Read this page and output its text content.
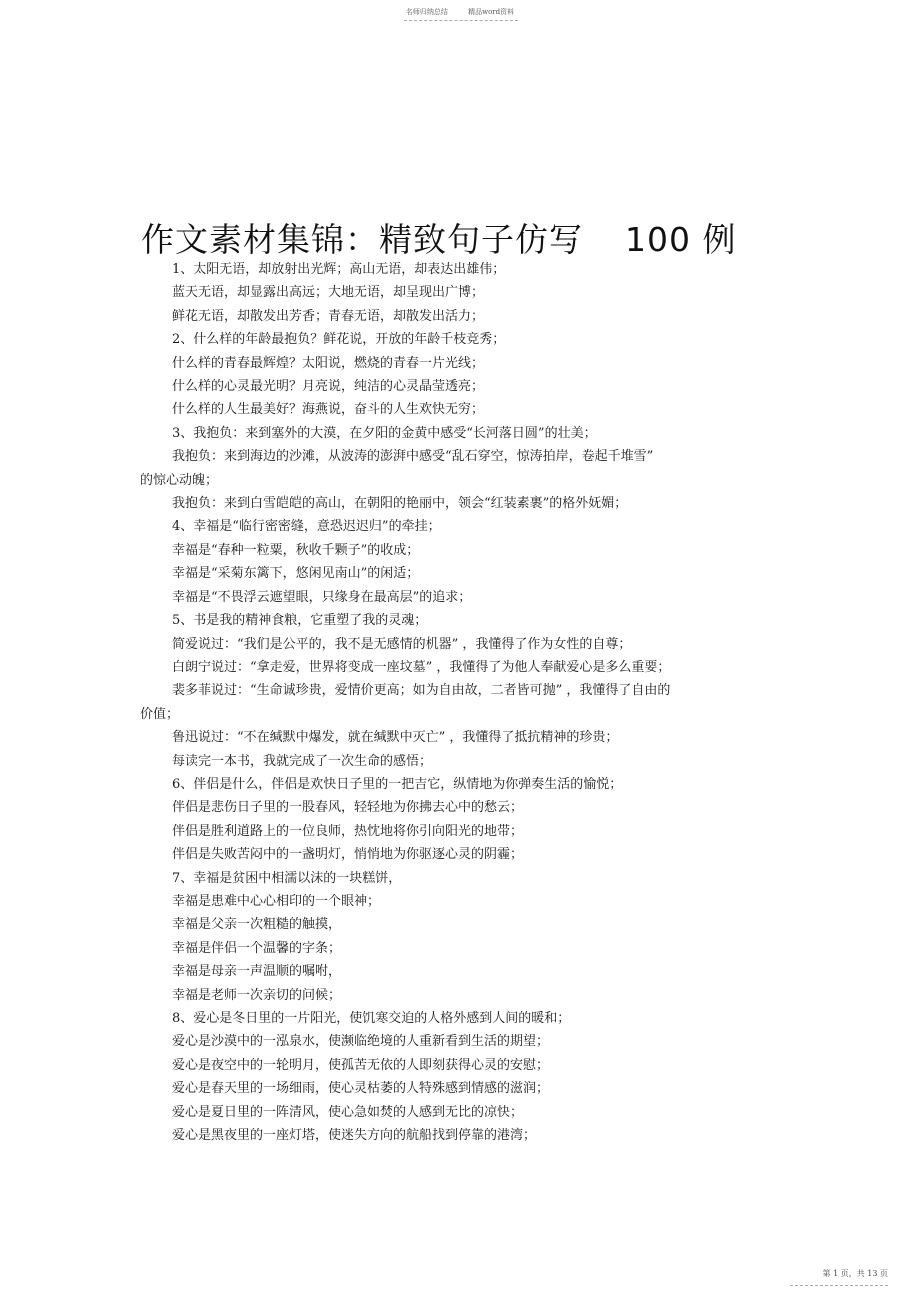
名师归纳总结	精品word资料
作文素材集锦：精致句子仿写 100 例

1、太阳无语，却放射出光辉；高山无语，却表达出雄伟；

蓝天无语，却显露出高远；大地无语，却呈现出广博；

鲜花无语，却散发出芳香；青春无语，却散发出活力；

2、什么样的年龄最抱负？鲜花说，开放的年龄千枝竞秀；

什么样的青春最辉煌？太阳说，燃烧的青春一片光线；

什么样的心灵最光明？月亮说，纯洁的心灵晶莹透亮；

什么样的人生最美好？海燕说，奋斗的人生欢快无穷；

3、我抱负：来到塞外的大漠，在夕阳的金黄中感受“长河落日圆”的壮美；

我抱负：来到海边的沙滩，从波涛的澎湃中感受“乱石穿空，惊涛拍岸，卷起千堆雪”

的惊心动魄；

我抱负：来到白雪皑皑的高山，在朝阳的艳丽中，领会“红装素裹”的格外妩媚；

4、幸福是“临行密密缝，意恐迟迟归”的牵挂；

幸福是“春种一粒粟，秋收千颗子”的收成；

幸福是“采菊东篱下，悠闲见南山”的闲适；

幸福是“不畏浮云遮望眼，只缘身在最高层”的追求；

5、书是我的精神食粮，它重塑了我的灵魂；

简爱说过：“我们是公平的，我不是无感情的机器” ，我懂得了作为女性的自尊；

白朗宁说过：“拿走爱，世界将变成一座坟墓” ，我懂得了为他人奉献爱心是多么重要；

裴多菲说过：“生命诚珍贵，爱情价更高；如为自由故，二者皆可抛” ，我懂得了自由的

价值；

鲁迅说过：“不在缄默中爆发，就在缄默中灭亡” ，我懂得了抵抗精神的珍贵；

每读完一本书，我就完成了一次生命的感悟；

6、伴侣是什么，伴侣是欢快日子里的一把吉它，纵情地为你弹奏生活的愉悦；

伴侣是悲伤日子里的一股春风，轻轻地为你拂去心中的愁云；

伴侣是胜利道路上的一位良师，热忱地将你引向阳光的地带；

伴侣是失败苦闷中的一盏明灯，悄悄地为你驱逐心灵的阴霾；

7、幸福是贫困中相濡以沫的一块糕饼，

幸福是患难中心心相印的一个眼神；

幸福是父亲一次粗糙的触摸，

幸福是伴侣一个温馨的字条；

幸福是母亲一声温顺的嘱咐，

幸福是老师一次亲切的问候；

8、爱心是冬日里的一片阳光，使饥寒交迫的人格外感到人间的暖和；

爱心是沙漠中的一泓泉水，使濒临绝境的人重新看到生活的期望；

爱心是夜空中的一轮明月，使孤苦无依的人即刻获得心灵的安慰；

爱心是春天里的一场细雨，使心灵枯萎的人特殊感到情感的滋润；

爱心是夏日里的一阵清风，使心急如焚的人感到无比的凉快；

爱心是黑夜里的一座灯塔，使迷失方向的航船找到停靠的港湾；

第 1 页，共 13 页
